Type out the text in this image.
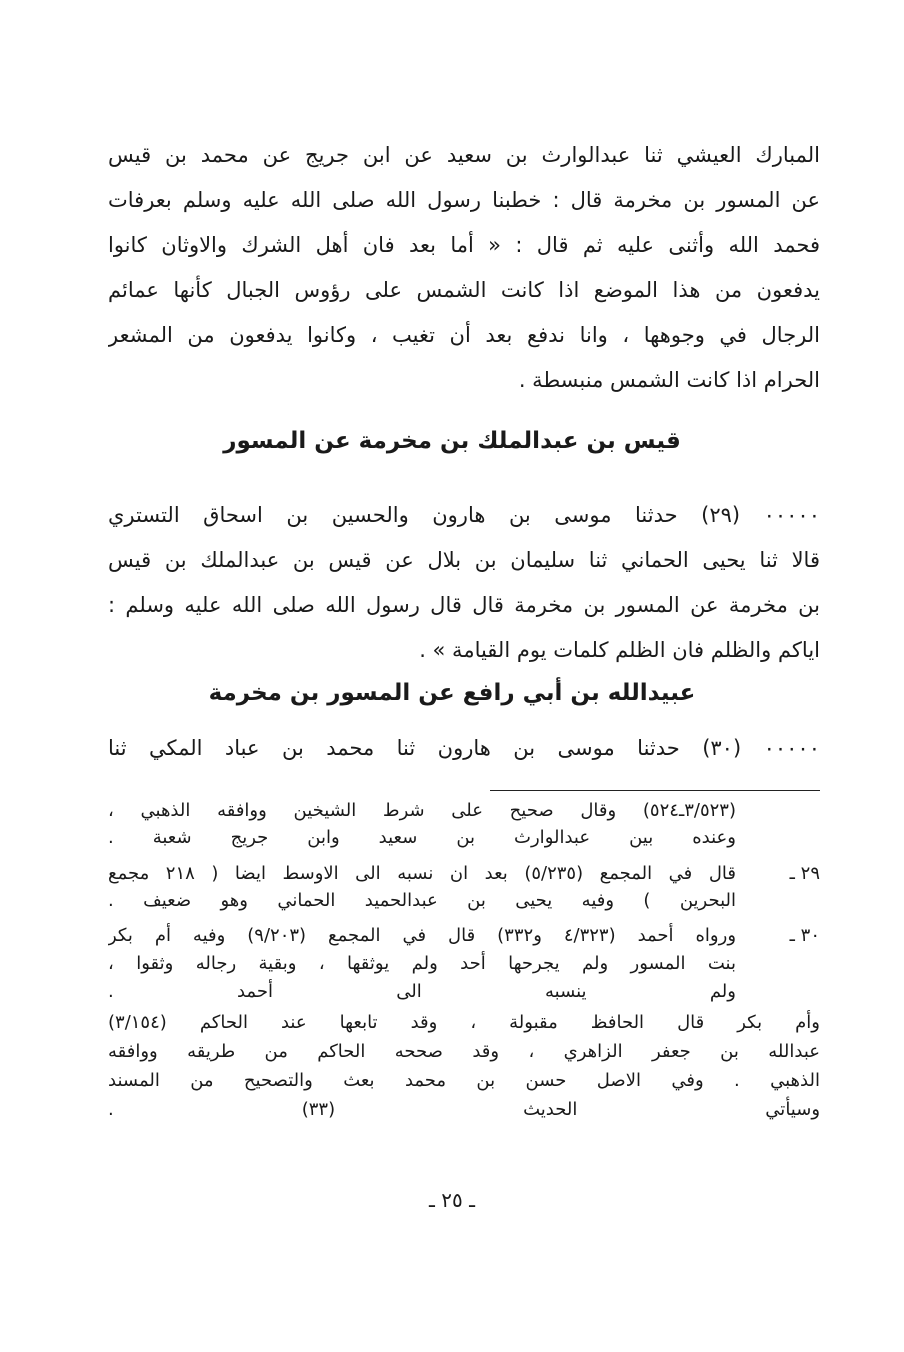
المبارك العيشي ثنا عبدالوارث بن سعيد عن ابن جريج عن محمد بن قيس
عن المسور بن مخرمة قال : خطبنا رسول الله صلى الله عليه وسلم بعرفات
فحمد الله وأثنى عليه ثم قال : « أما بعد فان أهل الشرك والاوثان كانوا
يدفعون من هذا الموضع اذا كانت الشمس على رؤوس الجبال كأنها عمائم
الرجال في وجوهها ، وانا ندفع بعد أن تغيب ، وكانوا يدفعون من المشعر
الحرام اذا كانت الشمس منبسطة .
قيس بن عبدالملك بن مخرمة عن المسور
٠٠٠٠٠ (٢٩) حدثنا موسى بن هارون والحسين بن اسحاق التستري
قالا ثنا يحيى الحماني ثنا سليمان بن بلال عن قيس بن عبدالملك بن قيس
بن مخرمة عن المسور بن مخرمة قال قال رسول الله صلى الله عليه وسلم :
اياكم والظلم فان الظلم كلمات يوم القيامة » .
عبيدالله بن أبي رافع عن المسور بن مخرمة
٠٠٠٠٠ (٣٠) حدثنا موسى بن هارون ثنا محمد بن عباد المكي ثنا
(٣/٥٢٣ـ٥٢٤) وقال صحيح على شرط الشيخين ووافقه الذهبي ،
وعنده بين عبدالوارث بن سعيد وابن جريج شعبة .
٢٩ ـ
قال في المجمع (٥/٢٣٥) بعد ان نسبه الى الاوسط ايضا ( ٢١٨ مجمع
البحرين ) وفيه يحيى بن عبدالحميد الحماني وهو ضعيف .
٣٠ ـ
ورواه أحمد (٤/٣٢٣ و٣٣٢) قال في المجمع (٩/٢٠٣) وفيه أم بكر
بنت المسور ولم يجرحها أحد ولم يوثقها ، وبقية رجاله وثقوا ،
ولم ينسبه الى أحمد .
وأم بكر قال الحافظ مقبولة ، وقد تابعها عند الحاكم (٣/١٥٤)
عبدالله بن جعفر الزاهري ، وقد صححه الحاكم من طريقه ووافقه
الذهبي . وفي الاصل حسن بن محمد بعث والتصحيح من المسند
وسيأتي الحديث (٣٣) .
ـ ٢٥ ـ
